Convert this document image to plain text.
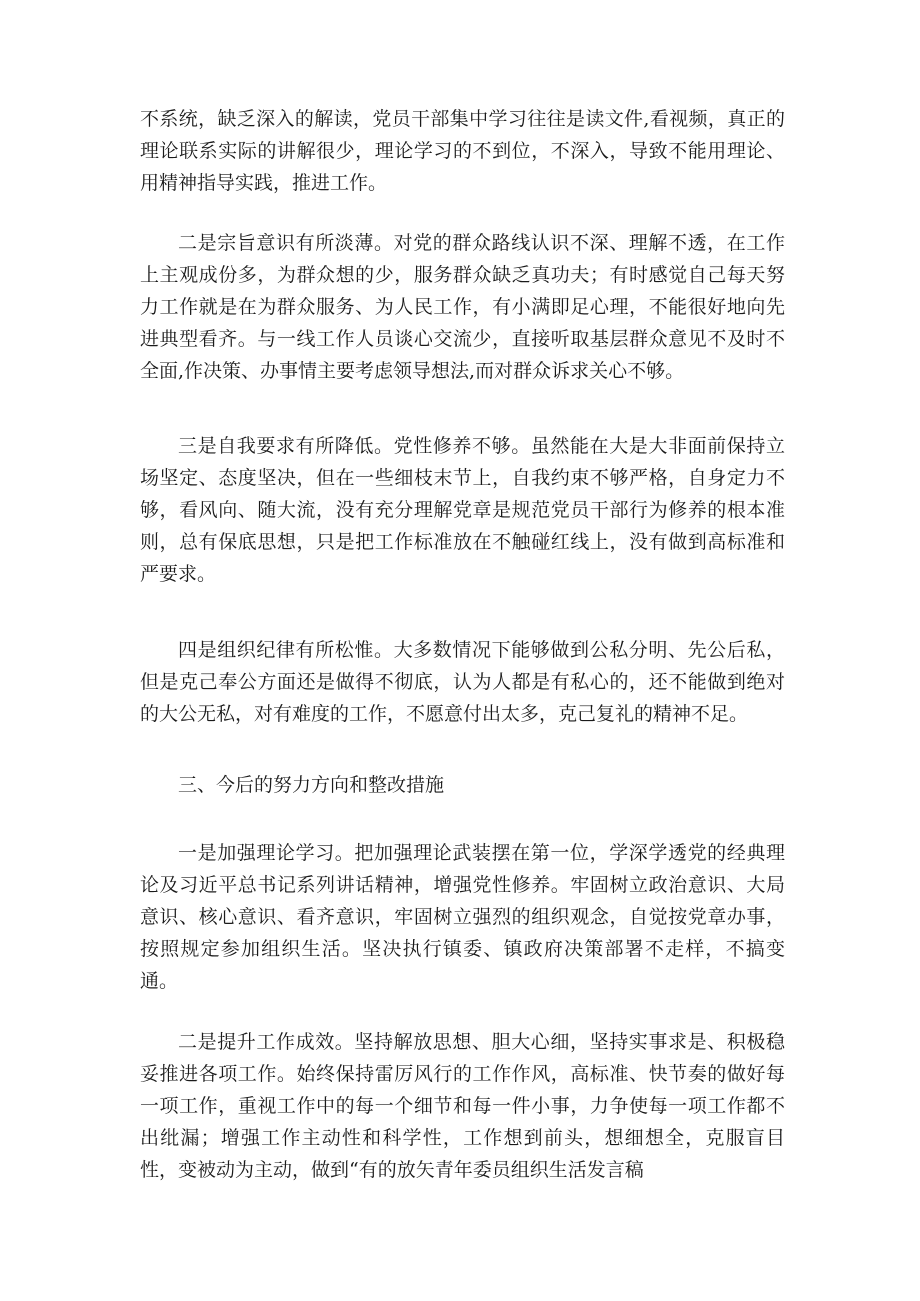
不系统，缺乏深入的解读，党员干部集中学习往往是读文件,看视频，真正的理论联系实际的讲解很少，理论学习的不到位，不深入，导致不能用理论、用精神指导实践，推进工作。

二是宗旨意识有所淡薄。对党的群众路线认识不深、理解不透，在工作上主观成份多，为群众想的少，服务群众缺乏真功夫；有时感觉自己每天努力工作就是在为群众服务、为人民工作，有小满即足心理，不能很好地向先进典型看齐。与一线工作人员谈心交流少，直接听取基层群众意见不及时不全面,作决策、办事情主要考虑领导想法,而对群众诉求关心不够。

三是自我要求有所降低。党性修养不够。虽然能在大是大非面前保持立场坚定、态度坚决，但在一些细枝末节上，自我约束不够严格，自身定力不够，看风向、随大流，没有充分理解党章是规范党员干部行为修养的根本准则，总有保底思想，只是把工作标准放在不触碰红线上，没有做到高标准和严要求。

四是组织纪律有所松惟。大多数情况下能够做到公私分明、先公后私，但是克己奉公方面还是做得不彻底，认为人都是有私心的，还不能做到绝对的大公无私，对有难度的工作，不愿意付出太多，克己复礼的精神不足。

三、今后的努力方向和整改措施

一是加强理论学习。把加强理论武装摆在第一位，学深学透党的经典理论及习近平总书记系列讲话精神，增强党性修养。牢固树立政治意识、大局意识、核心意识、看齐意识，牢固树立强烈的组织观念，自觉按党章办事，按照规定参加组织生活。坚决执行镇委、镇政府决策部署不走样，不搞变通。

二是提升工作成效。坚持解放思想、胆大心细，坚持实事求是、积极稳妥推进各项工作。始终保持雷厉风行的工作作风，高标准、快节奏的做好每一项工作，重视工作中的每一个细节和每一件小事，力争使每一项工作都不出纰漏；增强工作主动性和科学性，工作想到前头，想细想全，克服盲目性，变被动为主动，做到“有的放矢青年委员组织生活发言稿
